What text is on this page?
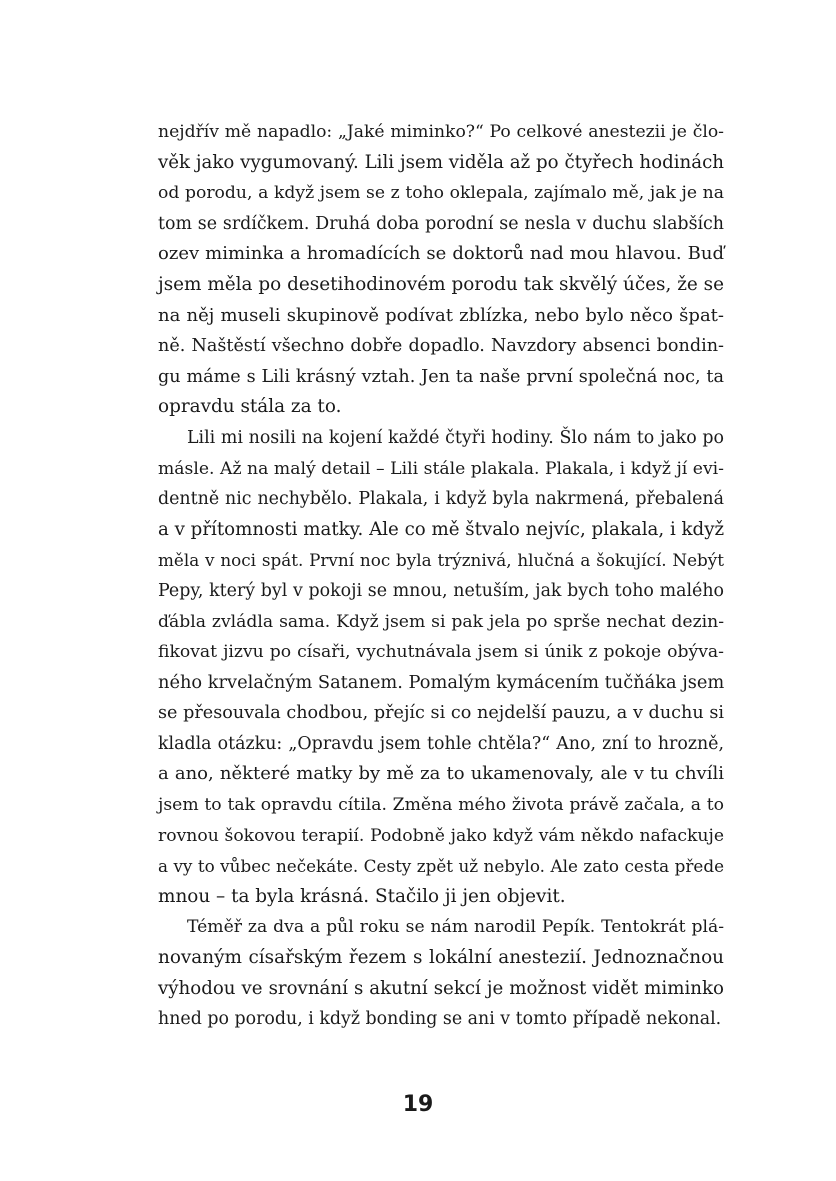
nejdřív mě napadlo: „Jaké miminko?“ Po celkové anestezii je člo-
věk jako vygumovaný. Lili jsem viděla až po čtyřech hodinách
od porodu, a když jsem se z toho oklepala, zajímalo mě, jak je na
tom se srdíčkem. Druhá doba porodní se nesla v duchu slabších
ozev miminka a hromadících se doktorů nad mou hlavou. Buď
jsem měla po desetihodinovém porodu tak skvělý účes, že se
na něj museli skupinově podívat zblízka, nebo bylo něco špat-
ně. Naštěstí všechno dobře dopadlo. Navzdory absenci bondin-
gu máme s Lili krásný vztah. Jen ta naše první společná noc, ta
opravdu stála za to.
Lili mi nosili na kojení každé čtyři hodiny. Šlo nám to jako po
másle. Až na malý detail – Lili stále plakala. Plakala, i když jí evi-
dentně nic nechybělo. Plakala, i když byla nakrmená, přebalená
a v přítomnosti matky. Ale co mě štvalo nejvíc, plakala, i když
měla v noci spát. První noc byla trýznivá, hlučná a šokující. Nebýt
Pepy, který byl v pokoji se mnou, netuším, jak bych toho malého
ďábla zvládla sama. Když jsem si pak jela po sprše nechat dezin-
fikovat jizvu po císaři, vychutnávala jsem si únik z pokoje obýva-
ného krvelačným Satanem. Pomalým kymácením tučňáka jsem
se přesouvala chodbou, přejíc si co nejdelší pauzu, a v duchu si
kladla otázku: „Opravdu jsem tohle chtěla?“ Ano, zní to hrozně,
a ano, některé matky by mě za to ukamenovaly, ale v tu chvíli
jsem to tak opravdu cítila. Změna mého života právě začala, a to
rovnou šokovou terapií. Podobně jako když vám někdo nafackuje
a vy to vůbec nečekáte. Cesty zpět už nebylo. Ale zato cesta přede
mnou – ta byla krásná. Stačilo ji jen objevit.
Téměř za dva a půl roku se nám narodil Pepík. Tentokrát plá-
novaným císařským řezem s lokální anestezií. Jednoznačnou
výhodou ve srovnání s akutní sekcí je možnost vidět miminko
hned po porodu, i když bonding se ani v tomto případě nekonal.
19
